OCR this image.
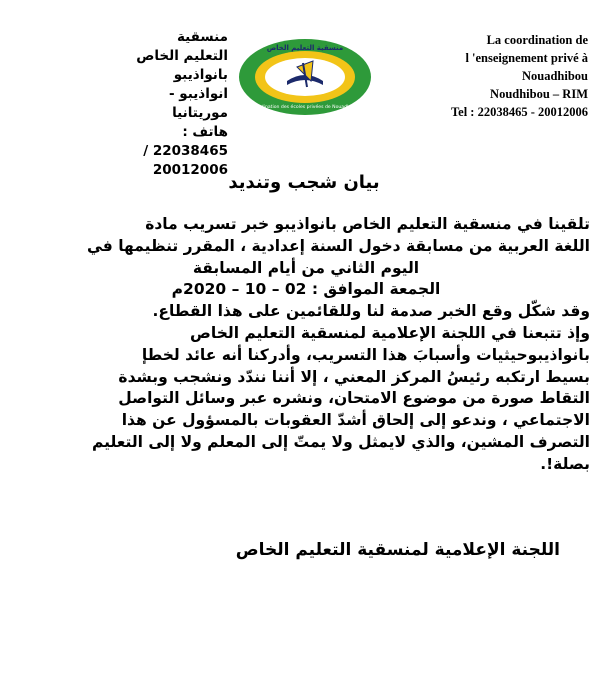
منسقية التعليم الخاص
بانواذيبو
انواذيبو - موريتانيا
هاتف : 22038465 /
20012006
منسقية التعليم الخاص
Coordination des écoles privées de Nouadhibou
La coordination de
l 'enseignement privé à
Nouadhibou
Noudhibou – RIM
Tel : 22038465 - 20012006
بيان شجب وتنديد
تلقينا في منسقية التعليم الخاص بانواذيبو خبر تسريب مادة
اللغة العربية من مسابقة دخول السنة إعدادية ، المقرر تنظيمها في
اليوم الثاني من أيام المسابقة
الجمعة الموافق : 02 – 10 – 2020م
وقد شكّل وقع الخبر صدمة لنا وللقائمين على هذا القطاع.
وإذ تتبعنا في اللجنة الإعلامية لمنسقية التعليم الخاص
بانواذيبوحيثيات وأسبابَ هذا التسريب، وأدركنا أنه عائد لخطإ
بسيط ارتكبه رئيسُ المركز المعني ، إلا أننا نندّد ونشجب وبشدة
التقاط صورة من موضوع الامتحان، ونشره عبر وسائل التواصل
الاجتماعي ، وندعو إلى إلحاق أشدّ العقوبات بالمسؤول عن هذا
التصرف المشين، والذي لايمثل ولا يمتّ إلى المعلم ولا إلى التعليم
بصلة!.
اللجنة الإعلامية لمنسقية التعليم الخاص
